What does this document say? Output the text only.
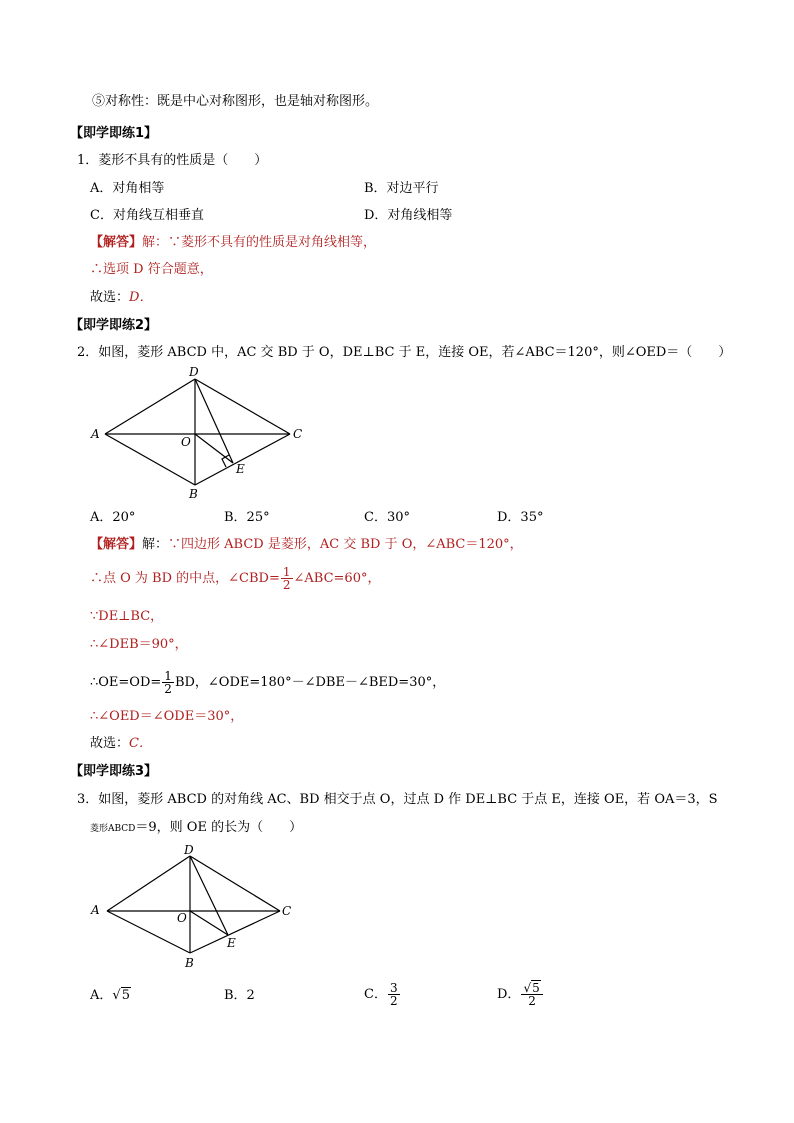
⑤对称性：既是中心对称图形，也是轴对称图形。
【即学即练1】
1．菱形不具有的性质是（　　）
A．对角相等	B．对边平行
C．对角线互相垂直	D．对角线相等
【解答】解：∵菱形不具有的性质是对角线相等，
∴选项 D 符合题意，
故选：D．
【即学即练2】
2．如图，菱形 ABCD 中，AC 交 BD 于 O，DE⊥BC 于 E，连接 OE，若∠ABC＝120°，则∠OED＝（　　）
D
A	C
O
B
E
A．20°	B．25°	C．30°	D．35°
【解答】解：∵四边形 ABCD 是菱形，AC 交 BD 于 O，∠ABC＝120°，
∴点 O 为 BD 的中点，∠CBD= $\frac{1}{2}$ ∠ABC=60°，
∵DE⊥BC，
∴∠DEB＝90°，
∴OE=OD= $\frac{1}{2}$ BD，∠ODE=180°－∠DBE－∠BED=30°，
∴∠OED＝∠ODE＝30°，
故选：C．
【即学即练3】
3．如图，菱形 ABCD 的对角线 AC、BD 相交于点 O，过点 D 作 DE⊥BC 于点 E，连接 OE，若 OA＝3，S
菱形ABCD＝9，则 OE 的长为（　　）
D
A	C
O
B
E
A．√5	B．2	C． $\frac{3}{2}$	D． $\frac{√5}{2}$
